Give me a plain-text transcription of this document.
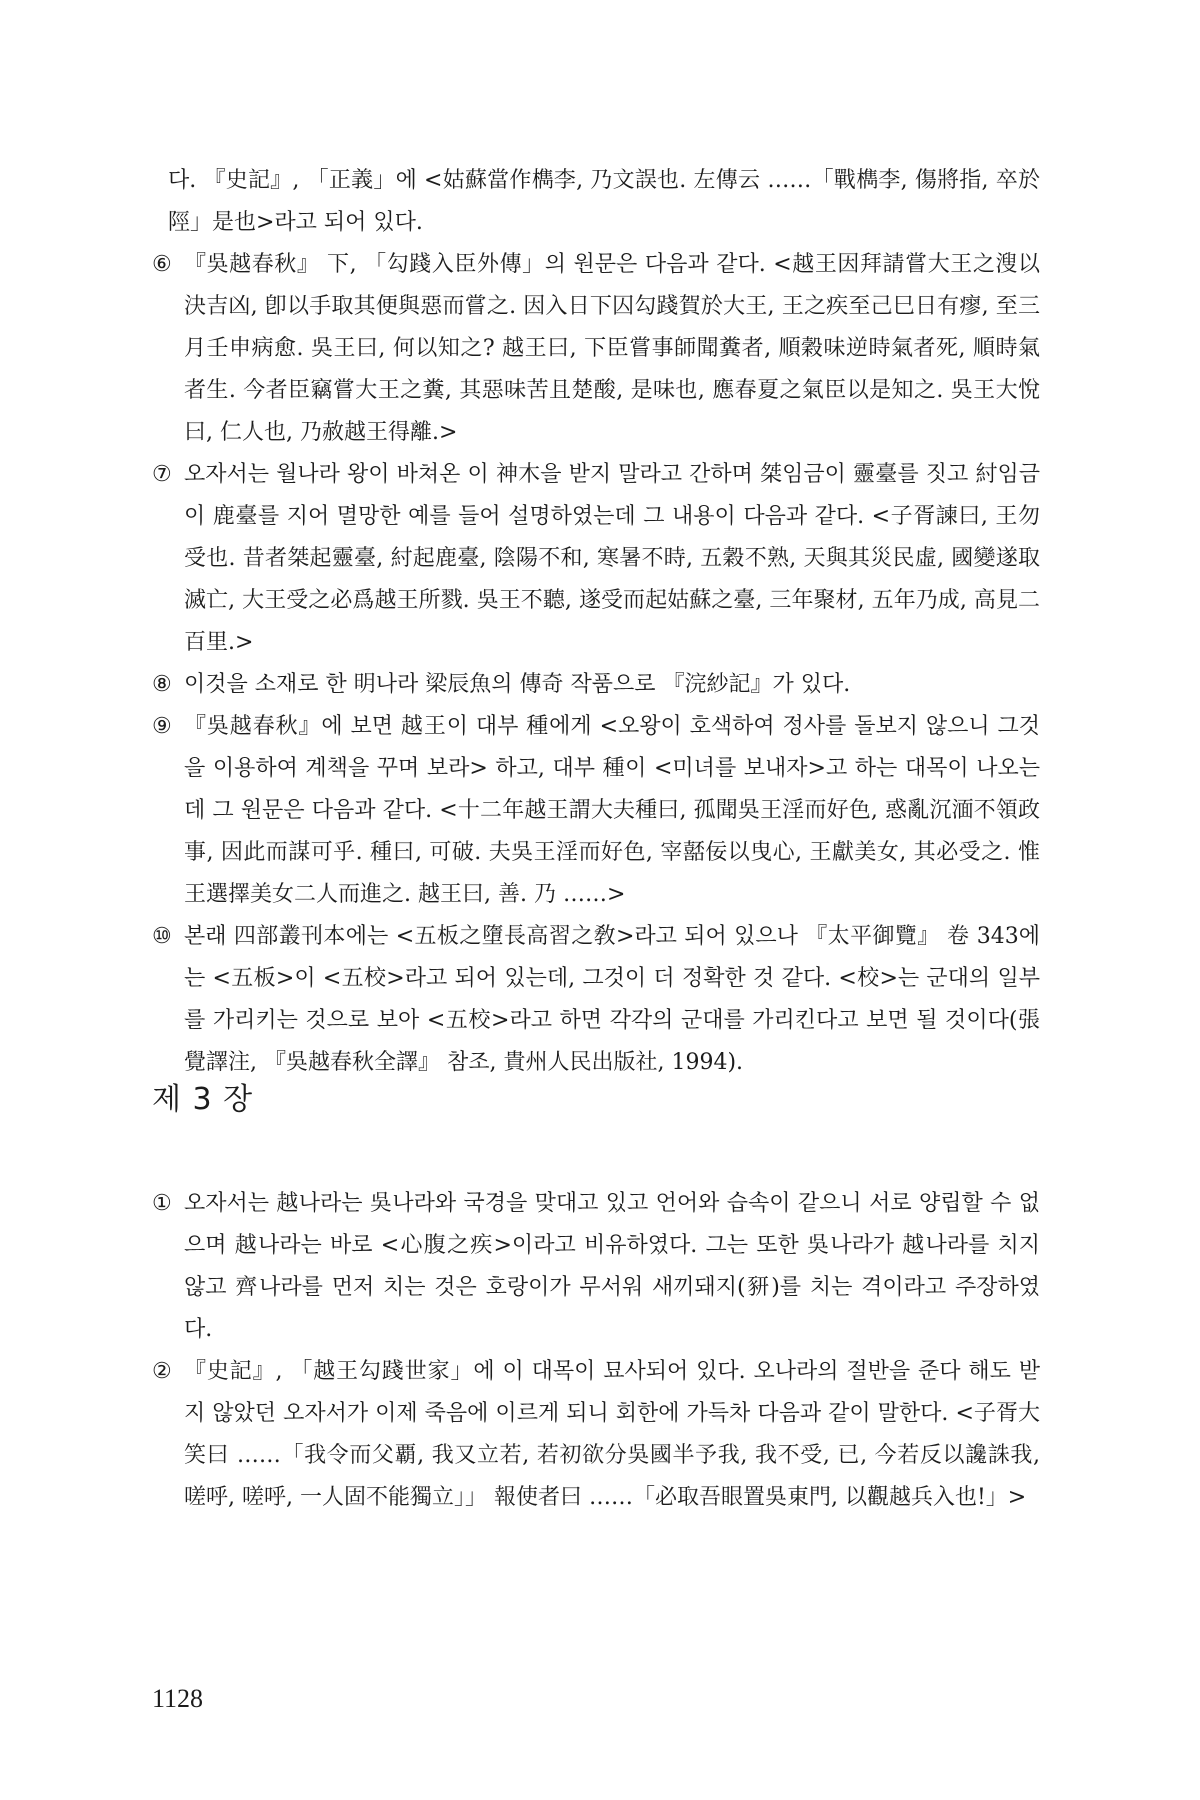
다. 『史記』, 「正義」에 <姑蘇當作檇李, 乃文誤也. 左傳云 ……「戰檇李, 傷將指, 卒於陘」是也>라고 되어 있다.
⑥ 『吳越春秋』 下, 「勾踐入臣外傳」의 원문은 다음과 같다. <越王因拜請嘗大王之溲以決吉凶, 卽以手取其便與惡而嘗之. 因入日下囚勾踐賀於大王, 王之疾至己巳日有瘳, 至三月壬申病愈. 吳王曰, 何以知之? 越王曰, 下臣嘗事師聞糞者, 順穀味逆時氣者死, 順時氣者生. 今者臣竊嘗大王之糞, 其惡味苦且楚酸, 是味也, 應春夏之氣臣以是知之. 吳王大悅曰, 仁人也, 乃赦越王得離.>
⑦ 오자서는 월나라 왕이 바쳐온 이 神木을 받지 말라고 간하며 桀임금이 靈臺를 짓고 紂임금이 鹿臺를 지어 멸망한 예를 들어 설명하였는데 그 내용이 다음과 같다. <子胥諫曰, 王勿受也. 昔者桀起靈臺, 紂起鹿臺, 陰陽不和, 寒暑不時, 五穀不熟, 天與其災民虛, 國變遂取滅亡, 大王受之必爲越王所戮. 吳王不聽, 遂受而起姑蘇之臺, 三年聚材, 五年乃成, 高見二百里.>
⑧ 이것을 소재로 한 明나라 梁辰魚의 傳奇 작품으로 『浣紗記』가 있다.
⑨ 『吳越春秋』에 보면 越王이 대부 種에게 <오왕이 호색하여 정사를 돌보지 않으니 그것을 이용하여 계책을 꾸며 보라> 하고, 대부 種이 <미녀를 보내자>고 하는 대목이 나오는데 그 원문은 다음과 같다. <十二年越王謂大夫種曰, 孤聞吳王淫而好色, 惑亂沉湎不領政事, 因此而謀可乎. 種曰, 可破. 夫吳王淫而好色, 宰嚭佞以曳心, 王獻美女, 其必受之. 惟王選擇美女二人而進之. 越王曰, 善. 乃 ……>
⑩ 본래 四部叢刊本에는 <五板之墮長高習之敎>라고 되어 있으나 『太平御覽』 卷 343에는 <五板>이 <五校>라고 되어 있는데, 그것이 더 정확한 것 같다. <校>는 군대의 일부를 가리키는 것으로 보아 <五校>라고 하면 각각의 군대를 가리킨다고 보면 될 것이다(張覺譯注, 『吳越春秋全譯』 참조, 貴州人民出版社, 1994).
제 3 장
① 오자서는 越나라는 吳나라와 국경을 맞대고 있고 언어와 습속이 같으니 서로 양립할 수 없으며 越나라는 바로 <心腹之疾>이라고 비유하였다. 그는 또한 吳나라가 越나라를 치지 않고 齊나라를 먼저 치는 것은 호랑이가 무서워 새끼돼지(豜)를 치는 격이라고 주장하였다.
② 『史記』, 「越王勾踐世家」에 이 대목이 묘사되어 있다. 오나라의 절반을 준다 해도 받지 않았던 오자서가 이제 죽음에 이르게 되니 회한에 가득차 다음과 같이 말한다. <子胥大笑曰 ……「我令而父覇, 我又立若, 若初欲分吳國半予我, 我不受, 已, 今若反以讒誅我, 嗟呼, 嗟呼, 一人固不能獨立」」 報使者曰 ……「必取吾眼置吳東門, 以觀越兵入也!」>
1128
